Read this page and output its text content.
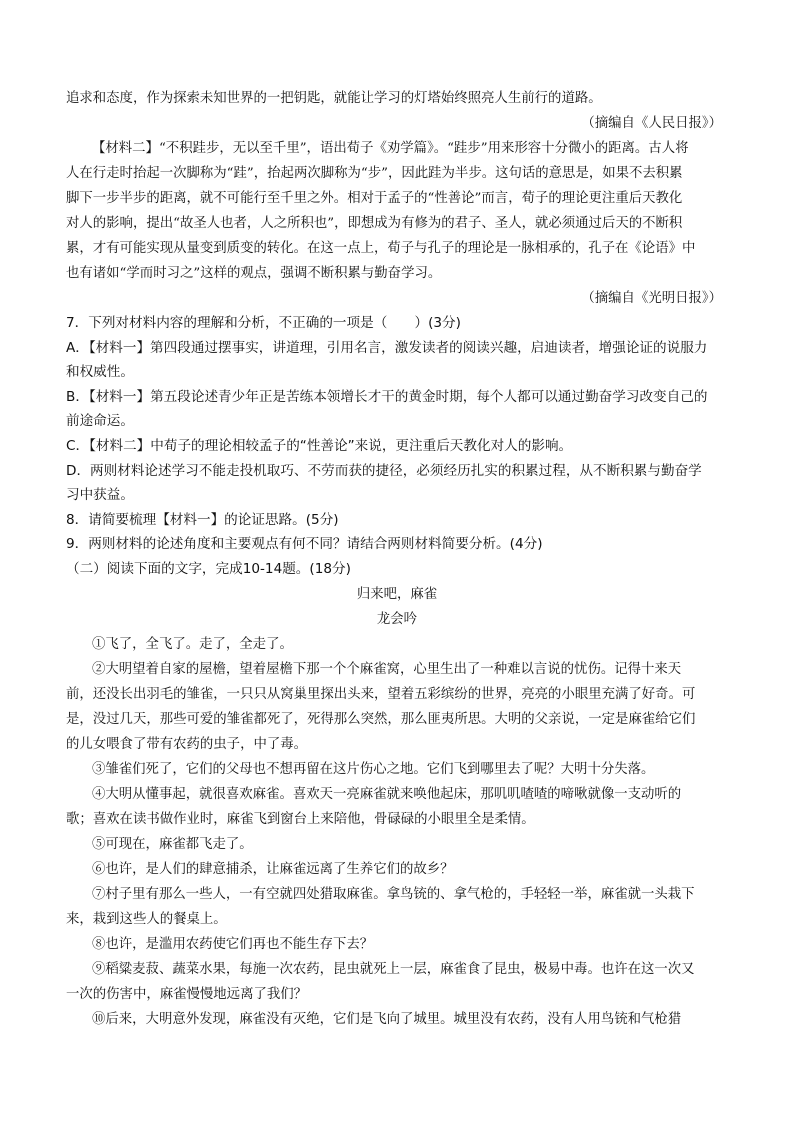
追求和态度，作为探索未知世界的一把钥匙，就能让学习的灯塔始终照亮人生前行的道路。
（摘编自《人民日报》）
【材料二】“不积跬步，无以至千里”，语出荀子《劝学篇》。“跬步”用来形容十分微小的距离。古人将
人在行走时抬起一次脚称为“跬”，抬起两次脚称为“步”，因此跬为半步。这句话的意思是，如果不去积累
脚下一步半步的距离，就不可能行至千里之外。相对于孟子的“性善论”而言，荀子的理论更注重后天教化
对人的影响，提出“故圣人也者，人之所积也”，即想成为有修为的君子、圣人，就必须通过后天的不断积
累，才有可能实现从量变到质变的转化。在这一点上，荀子与孔子的理论是一脉相承的，孔子在《论语》中
也有诸如“学而时习之”这样的观点，强调不断积累与勤奋学习。
（摘编自《光明日报》）
7．下列对材料内容的理解和分析，不正确的一项是（　　）(3分)
A．【材料一】第四段通过摆事实，讲道理，引用名言，激发读者的阅读兴趣，启迪读者，增强论证的说服力
和权威性。
B．【材料一】第五段论述青少年正是苦练本领增长才干的黄金时期，每个人都可以通过勤奋学习改变自己的
前途命运。
C．【材料二】中荀子的理论相较孟子的“性善论”来说，更注重后天教化对人的影响。
D．两则材料论述学习不能走投机取巧、不劳而获的捷径，必须经历扎实的积累过程，从不断积累与勤奋学
习中获益。
8．请简要梳理【材料一】的论证思路。(5分)
9．两则材料的论述角度和主要观点有何不同？请结合两则材料简要分析。(4分)
（二）阅读下面的文字，完成10-14题。(18分)
归来吧，麻雀
龙会吟
①飞了，全飞了。走了，全走了。
②大明望着自家的屋檐，望着屋檐下那一个个麻雀窝，心里生出了一种难以言说的忧伤。记得十来天
前，还没长出羽毛的雏雀，一只只从窝巢里探出头来，望着五彩缤纷的世界，亮亮的小眼里充满了好奇。可
是，没过几天，那些可爱的雏雀都死了，死得那么突然，那么匪夷所思。大明的父亲说，一定是麻雀给它们
的儿女喂食了带有农药的虫子，中了毒。
③雏雀们死了，它们的父母也不想再留在这片伤心之地。它们飞到哪里去了呢？大明十分失落。
④大明从懂事起，就很喜欢麻雀。喜欢天一亮麻雀就来唤他起床，那叽叽喳喳的啼啾就像一支动听的
歌；喜欢在读书做作业时，麻雀飞到窗台上来陪他，骨碌碌的小眼里全是柔情。
⑤可现在，麻雀都飞走了。
⑥也许，是人们的肆意捕杀，让麻雀远离了生养它们的故乡？
⑦村子里有那么一些人，一有空就四处猎取麻雀。拿鸟铳的、拿气枪的，手轻轻一举，麻雀就一头栽下
来，栽到这些人的餐桌上。
⑧也许，是滥用农药使它们再也不能生存下去？
⑨稻粱麦菽、蔬菜水果，每施一次农药，昆虫就死上一层，麻雀食了昆虫，极易中毒。也许在这一次又
一次的伤害中，麻雀慢慢地远离了我们？
⑩后来，大明意外发现，麻雀没有灭绝，它们是飞向了城里。城里没有农药，没有人用鸟铳和气枪猎
